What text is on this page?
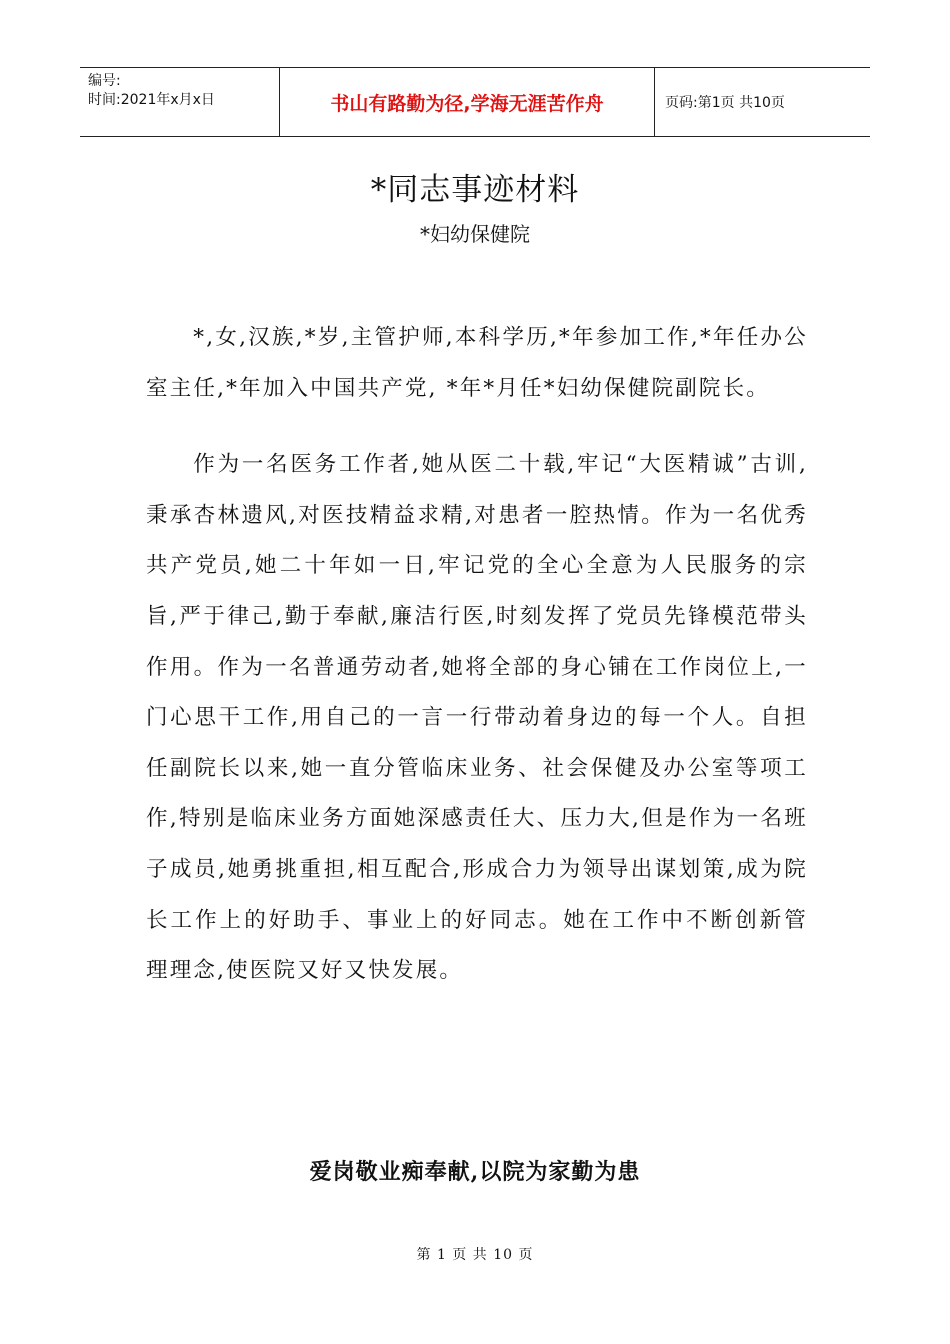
编号:
时间:2021年x月x日	书山有路勤为径,学海无涯苦作舟	页码:第1页 共10页
*同志事迹材料
*妇幼保健院

*,女,汉族,*岁,主管护师,本科学历,*年参加工作,*年任办公室主任,*年加入中国共产党, *年*月任*妇幼保健院副院长。

作为一名医务工作者,她从医二十载,牢记“大医精诚”古训,秉承杏林遗风,对医技精益求精,对患者一腔热情。作为一名优秀共产党员,她二十年如一日,牢记党的全心全意为人民服务的宗旨,严于律己,勤于奉献,廉洁行医,时刻发挥了党员先锋模范带头作用。作为一名普通劳动者,她将全部的身心铺在工作岗位上,一门心思干工作,用自己的一言一行带动着身边的每一个人。自担任副院长以来,她一直分管临床业务、社会保健及办公室等项工作,特别是临床业务方面她深感责任大、压力大,但是作为一名班子成员,她勇挑重担,相互配合,形成合力为领导出谋划策,成为院长工作上的好助手、事业上的好同志。她在工作中不断创新管理理念,使医院又好又快发展。

爱岗敬业痴奉献,以院为家勤为患
第 1 页 共 10 页
